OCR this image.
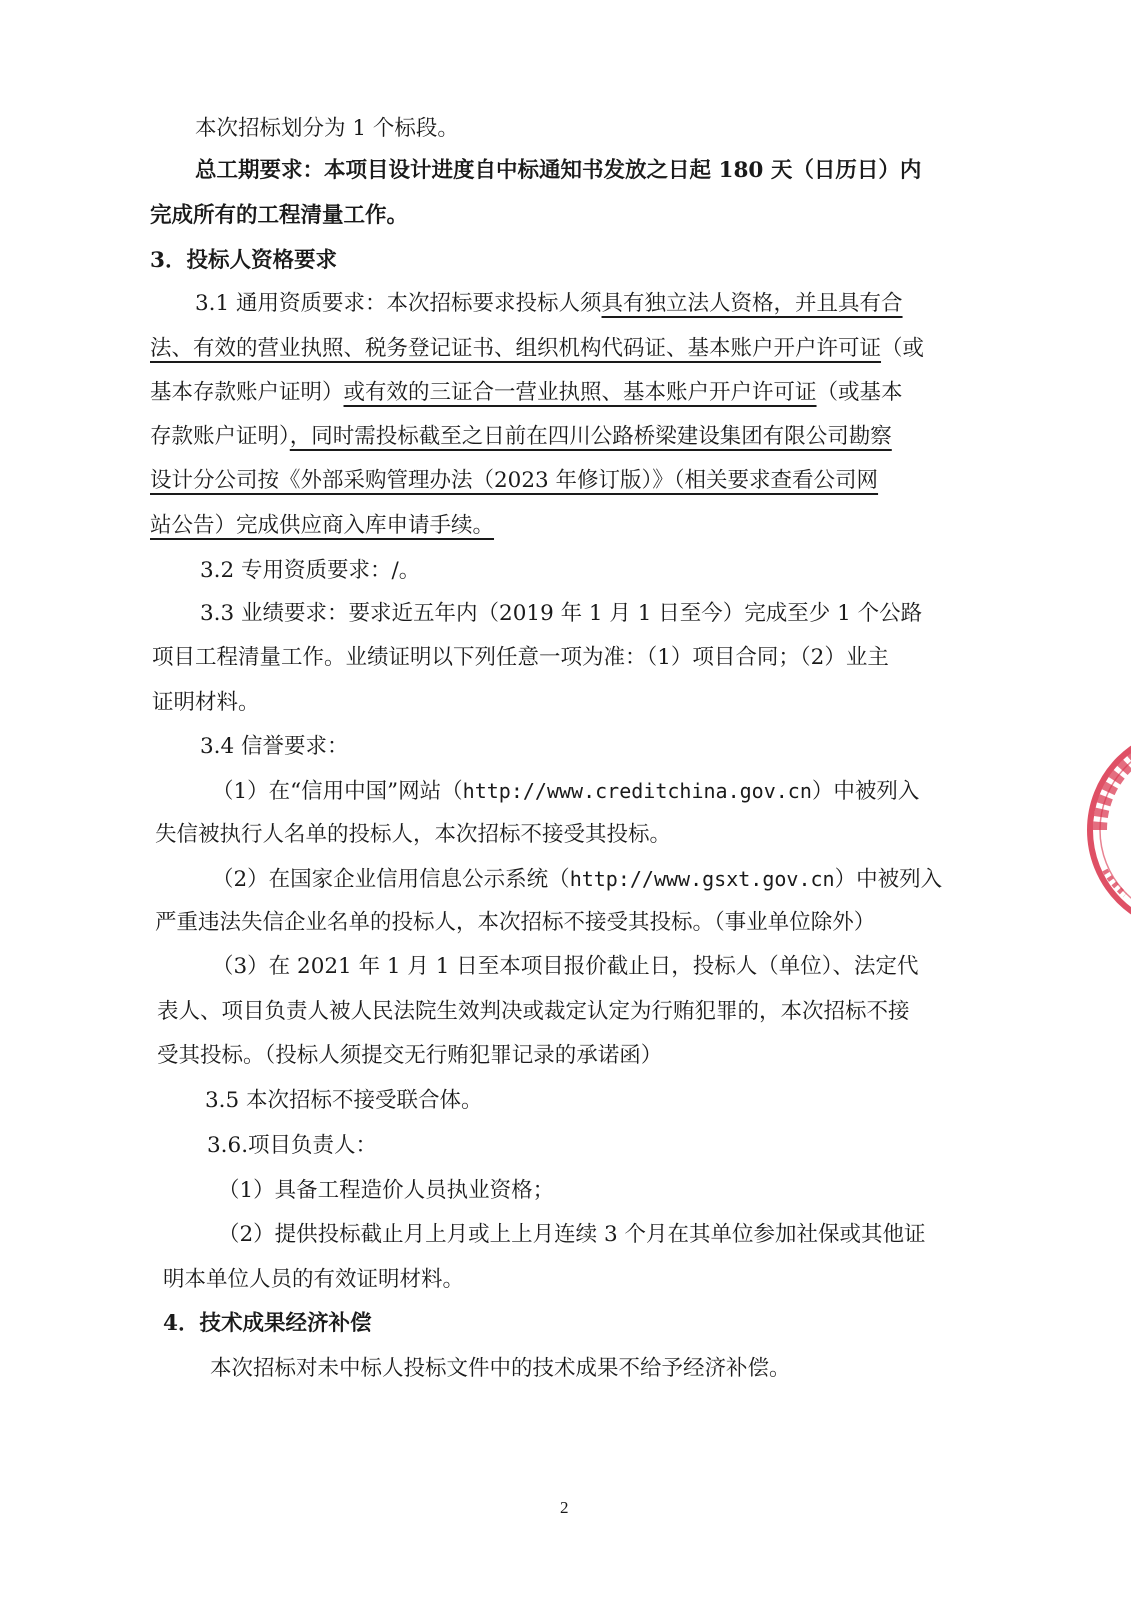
本次招标划分为 1 个标段。
总工期要求：本项目设计进度自中标通知书发放之日起 180 天（日历日）内
完成所有的工程清量工作。
3．投标人资格要求
3.1 通用资质要求：本次招标要求投标人须具有独立法人资格，并且具有合
法、有效的营业执照、税务登记证书、组织机构代码证、基本账户开户许可证（或
基本存款账户证明）或有效的三证合一营业执照、基本账户开户许可证（或基本
存款账户证明），同时需投标截至之日前在四川公路桥梁建设集团有限公司勘察
设计分公司按《外部采购管理办法（2023 年修订版）》（相关要求查看公司网
站公告）完成供应商入库申请手续。
3.2 专用资质要求：/。
3.3 业绩要求：要求近五年内（2019 年 1 月 1 日至今）完成至少 1 个公路
项目工程清量工作。业绩证明以下列任意一项为准：（1）项目合同；（2）业主
证明材料。
3.4 信誉要求：
（1）在“信用中国”网站（http://www.creditchina.gov.cn）中被列入
失信被执行人名单的投标人，本次招标不接受其投标。
（2）在国家企业信用信息公示系统（http://www.gsxt.gov.cn）中被列入
严重违法失信企业名单的投标人，本次招标不接受其投标。（事业单位除外）
（3）在 2021 年 1 月 1 日至本项目报价截止日，投标人（单位）、法定代
表人、项目负责人被人民法院生效判决或裁定认定为行贿犯罪的，本次招标不接
受其投标。（投标人须提交无行贿犯罪记录的承诺函）
3.5 本次招标不接受联合体。
3.6.项目负责人：
（1）具备工程造价人员执业资格；
（2）提供投标截止月上月或上上月连续 3 个月在其单位参加社保或其他证
明本单位人员的有效证明材料。
4．技术成果经济补偿
本次招标对未中标人投标文件中的技术成果不给予经济补偿。
2
